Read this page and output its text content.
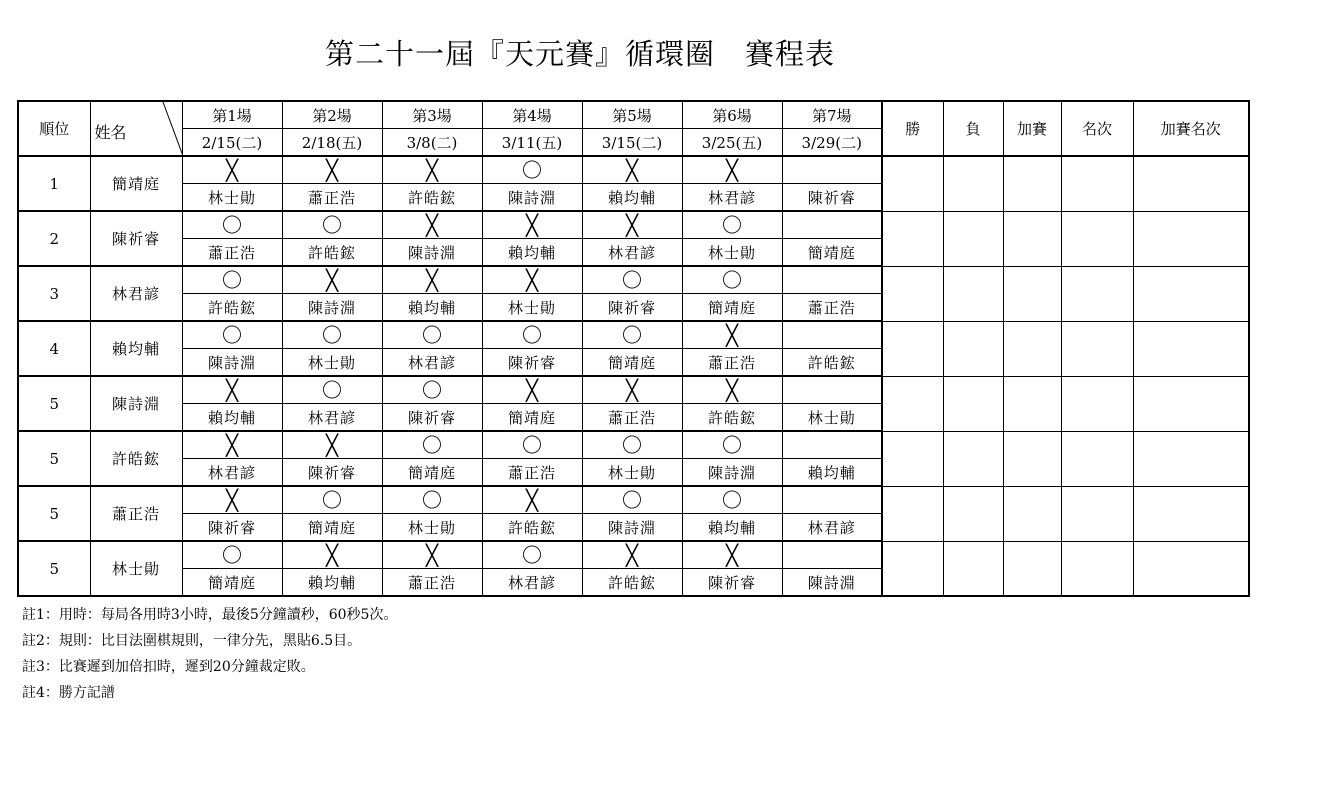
第二十一屆『天元賽』循環圈　賽程表
順位	姓名	第1場	第2場	第3場	第4場	第5場	第6場	第7場	勝	負	加賽	名次	加賽名次
		2/15(二)	2/18(五)	3/8(二)	3/11(五)	3/15(二)	3/25(五)	3/29(二)					
1	簡靖庭	╳	╳	╳	〇	╳	╳						
		林士勛	蕭正浩	許皓鋐	陳詩淵	賴均輔	林君諺	陳祈睿					
2	陳祈睿	〇	〇	╳	╳	╳	〇						
		蕭正浩	許皓鋐	陳詩淵	賴均輔	林君諺	林士勛	簡靖庭					
3	林君諺	〇	╳	╳	╳	〇	〇						
		許皓鋐	陳詩淵	賴均輔	林士勛	陳祈睿	簡靖庭	蕭正浩					
4	賴均輔	〇	〇	〇	〇	〇	╳						
		陳詩淵	林士勛	林君諺	陳祈睿	簡靖庭	蕭正浩	許皓鋐					
5	陳詩淵	╳	〇	〇	╳	╳	╳						
		賴均輔	林君諺	陳祈睿	簡靖庭	蕭正浩	許皓鋐	林士勛					
5	許皓鋐	╳	╳	〇	〇	〇	〇						
		林君諺	陳祈睿	簡靖庭	蕭正浩	林士勛	陳詩淵	賴均輔					
5	蕭正浩	╳	〇	〇	╳	〇	〇						
		陳祈睿	簡靖庭	林士勛	許皓鋐	陳詩淵	賴均輔	林君諺					
5	林士勛	〇	╳	╳	〇	╳	╳						
		簡靖庭	賴均輔	蕭正浩	林君諺	許皓鋐	陳祈睿	陳詩淵					
註1：用時：每局各用時3小時，最後5分鐘讀秒，60秒5次。
註2：規則：比目法圍棋規則，一律分先，黑貼6.5目。
註3：比賽遲到加倍扣時，遲到20分鐘裁定敗。
註4：勝方記譜
